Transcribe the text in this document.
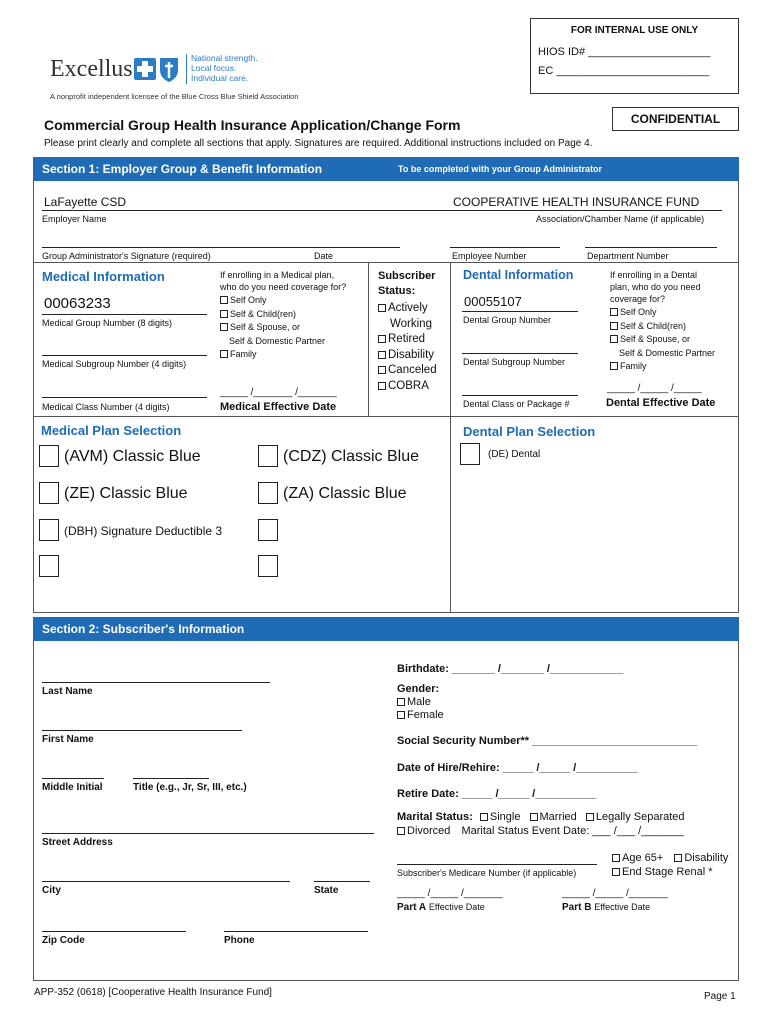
FOR INTERNAL USE ONLY
HIOS ID# ____________________
EC _________________________
Excellus	National strength.
Local focus.
Individual care.
A nonprofit independent licensee of the Blue Cross Blue Shield Association
CONFIDENTIAL
Commercial Group Health Insurance Application/Change Form
Please print clearly and complete all sections that apply. Signatures are required. Additional instructions included on Page 4.
Section 1: Employer Group & Benefit Information	To be completed with your Group Administrator
LaFayette CSD	COOPERATIVE HEALTH INSURANCE FUND
Employer Name	Association/Chamber Name (if applicable)
Group Administrator's Signature (required)	Date	Employee Number	Department Number
Medical Information	If enrolling in a Medical plan,
who do you need coverage for?
Self Only
Self & Child(ren)
Self & Spouse, or
Self & Domestic Partner
Family
00063233
Medical Group Number (8 digits)
Medical Subgroup Number (4 digits)
Medical Class Number (4 digits)
_____ /_______ /_______
Medical Effective Date
Subscriber
Status:
Actively
Working
Retired
Disability
Canceled
COBRA
Dental Information	If enrolling in a Dental
plan, who do you need
coverage for?
Self Only
Self & Child(ren)
Self & Spouse, or
Self & Domestic Partner
Family
00055107
Dental Group Number
Dental Subgroup Number
Dental Class or Package #
_____ /_____ /_____
Dental Effective Date
Medical Plan Selection
(AVM) Classic Blue	(CDZ) Classic Blue
(ZE) Classic Blue	(ZA) Classic Blue
(DBH) Signature Deductible 3
Dental Plan Selection
(DE) Dental
Section 2: Subscriber's Information
Last Name
First Name
Middle Initial	Title (e.g., Jr, Sr, III, etc.)
Street Address
City	State
Zip Code	Phone
Birthdate: _______ /_______ /____________
Gender:
Male
Female
Social Security Number** ___________________________
Date of Hire/Rehire: _____ /_____ /__________
Retire Date: _____ /_____ /__________
Marital Status: Single Married Legally Separated
Divorced Marital Status Event Date: ___ /___ /_______
Subscriber's Medicare Number (if applicable)
Age 65+ Disability
End Stage Renal *
_____ /_____ /_______
Part A Effective Date
_____ /_____ /_______
Part B Effective Date
APP-352 (0618) [Cooperative Health Insurance Fund]	Page 1
